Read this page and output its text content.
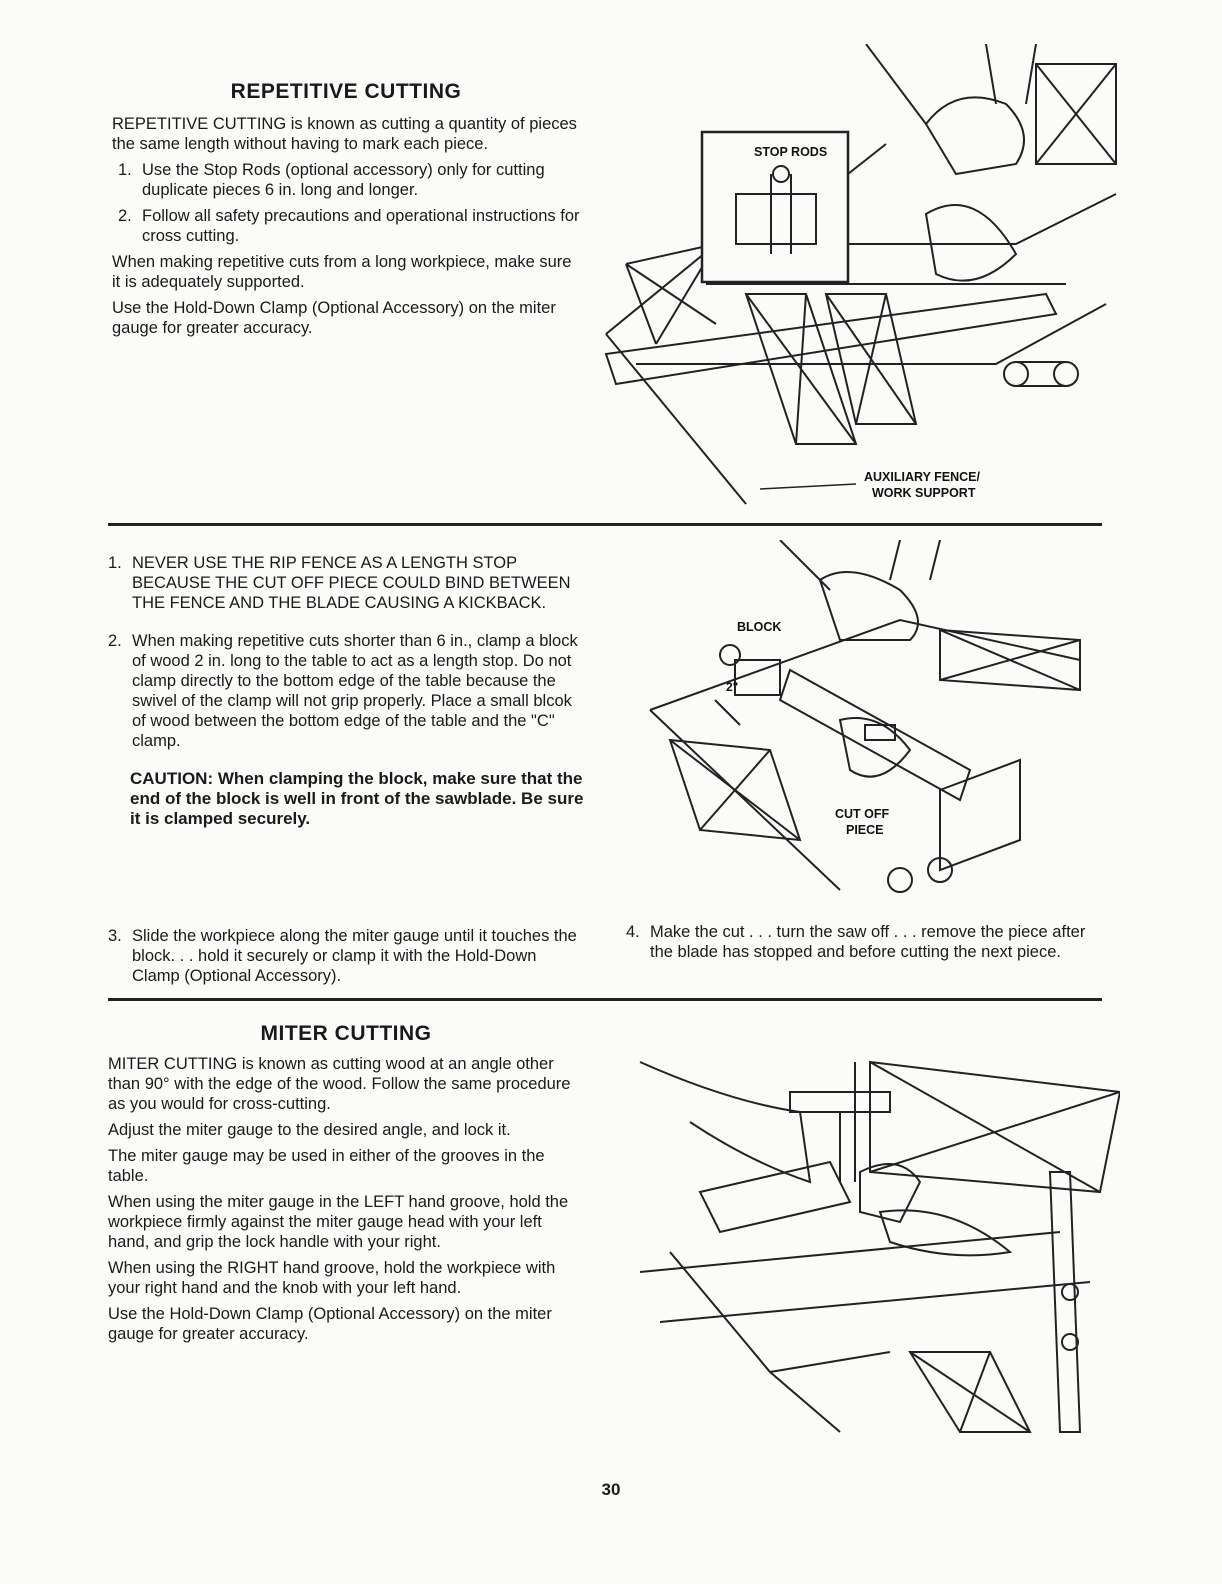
REPETITIVE CUTTING

REPETITIVE CUTTING is known as cutting a quantity of pieces the same length without having to mark each piece.

1. Use the Stop Rods (optional accessory) only for cutting duplicate pieces 6 in. long and longer.
2. Follow all safety precautions and operational instructions for cross cutting.

When making repetitive cuts from a long workpiece, make sure it is adequately supported.

Use the Hold-Down Clamp (Optional Accessory) on the miter gauge for greater accuracy.

STOP RODS
AUXILIARY FENCE/
WORK SUPPORT
1. NEVER USE THE RIP FENCE AS A LENGTH STOP BECAUSE THE CUT OFF PIECE COULD BIND BETWEEN THE FENCE AND THE BLADE CAUSING A KICKBACK.
2. When making repetitive cuts shorter than 6 in., clamp a block of wood 2 in. long to the table to act as a length stop. Do not clamp directly to the bottom edge of the table because the swivel of the clamp will not grip properly. Place a small blcok of wood between the bottom edge of the table and the "C" clamp.

CAUTION: When clamping the block, make sure that the end of the block is well in front of the sawblade. Be sure it is clamped securely.

3. Slide the workpiece along the miter gauge until it touches the block. . . hold it securely or clamp it with the Hold-Down Clamp (Optional Accessory).
4. Make the cut . . . turn the saw off . . . remove the piece after the blade has stopped and before cutting the next piece.
BLOCK
2"
CUT OFF
PIECE
MITER CUTTING

MITER CUTTING is known as cutting wood at an angle other than 90° with the edge of the wood. Follow the same procedure as you would for cross-cutting.

Adjust the miter gauge to the desired angle, and lock it.

The miter gauge may be used in either of the grooves in the table.

When using the miter gauge in the LEFT hand groove, hold the workpiece firmly against the miter gauge head with your left hand, and grip the lock handle with your right.

When using the RIGHT hand groove, hold the workpiece with your right hand and the knob with your left hand.

Use the Hold-Down Clamp (Optional Accessory) on the miter gauge for greater accuracy.

30
